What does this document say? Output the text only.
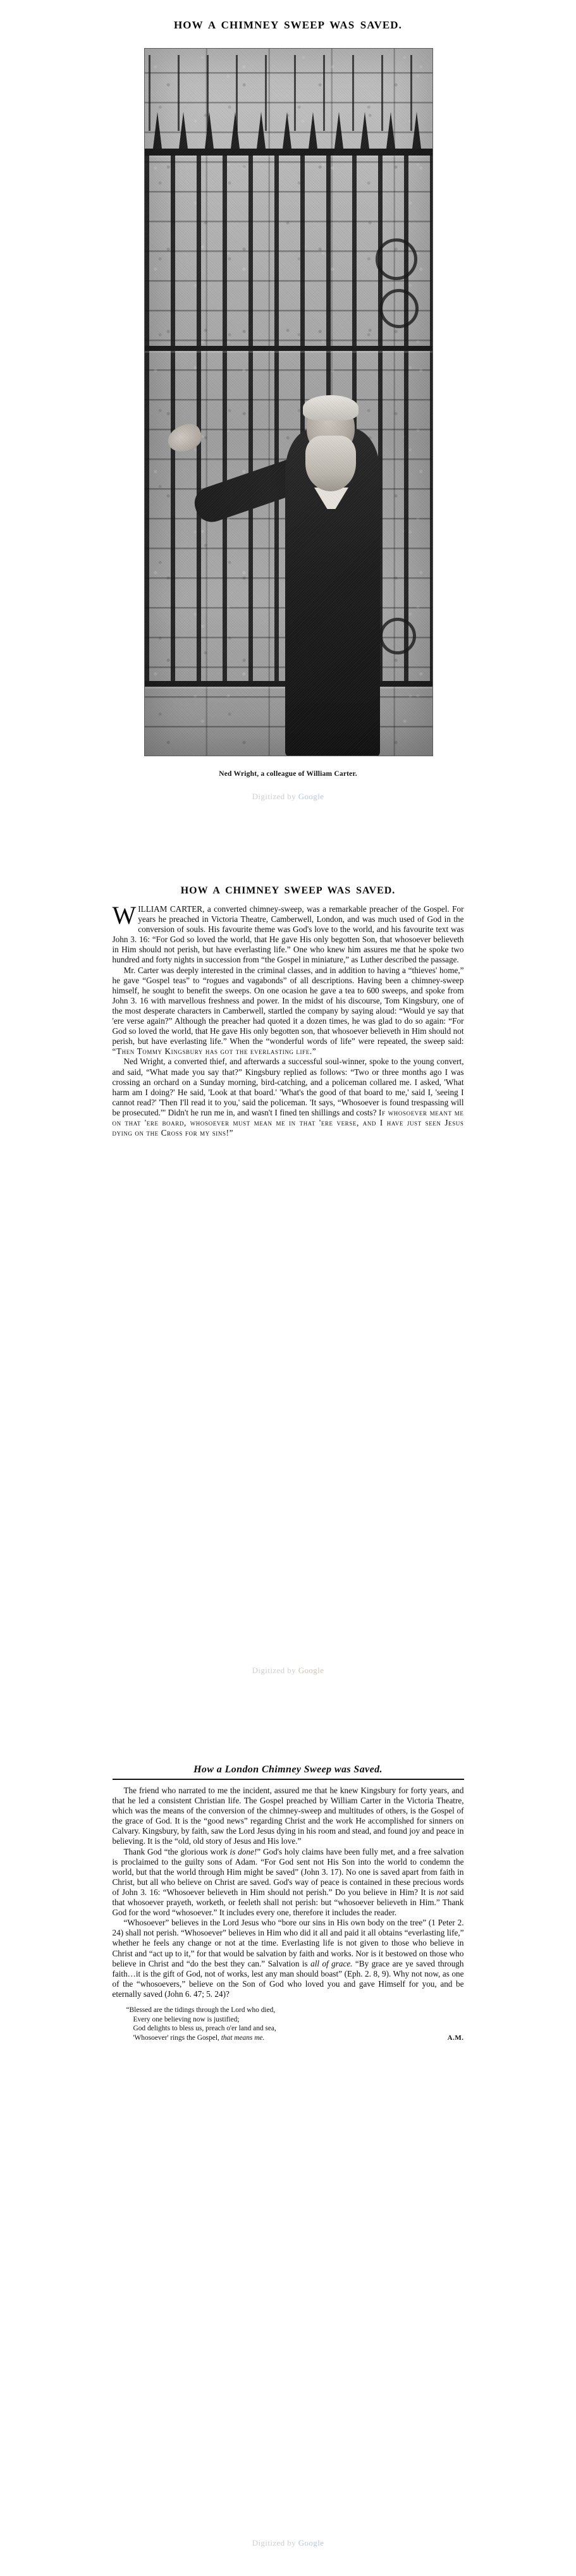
HOW A CHIMNEY SWEEP WAS SAVED.
Ned Wright, a colleague of William Carter.
Digitized by Google
HOW A CHIMNEY SWEEP WAS SAVED.

WILLIAM CARTER, a converted chimney-sweep, was a remarkable preacher of the Gospel. For years he preached in Victoria Theatre, Camberwell, London, and was much used of God in the conversion of souls. His favourite theme was God's love to the world, and his favourite text was John 3. 16: “For God so loved the world, that He gave His only begotten Son, that whosoever believeth in Him should not perish, but have everlasting life.” One who knew him assures me that he spoke two hundred and forty nights in succession from “the Gospel in miniature,” as Luther described the passage.

Mr. Carter was deeply interested in the criminal classes, and in addition to having a “thieves' home,” he gave “Gospel teas” to “rogues and vagabonds” of all descriptions. Having been a chimney-sweep himself, he sought to benefit the sweeps. On one ocasion he gave a tea to 600 sweeps, and spoke from John 3. 16 with marvellous freshness and power. In the midst of his discourse, Tom Kingsbury, one of the most desperate characters in Camberwell, startled the company by saying aloud: “Would ye say that 'ere verse again?” Although the preacher had quoted it a dozen times, he was glad to do so again: “For God so loved the world, that He gave His only begotten son, that whosoever believeth in Him should not perish, but have everlasting life.” When the “wonderful words of life” were repeated, the sweep said: “Then Tommy Kingsbury has got the everlasting life.”

Ned Wright, a converted thief, and afterwards a successful soul-winner, spoke to the young convert, and said, “What made you say that?” Kingsbury replied as follows: “Two or three months ago I was crossing an orchard on a Sunday morning, bird-catching, and a policeman collared me. I asked, 'What harm am I doing?' He said, 'Look at that board.' 'What's the good of that board to me,' said I, 'seeing I cannot read?' 'Then I'll read it to you,' said the policeman. 'It says, “Whosoever is found trespassing will be prosecuted.”' Didn't he run me in, and wasn't I fined ten shillings and costs? If whosoever meant me on that 'ere board, whosoever must mean me in that 'ere verse, and I have just seen Jesus dying on the Cross for my sins!”

Digitized by Google
How a London Chimney Sweep was Saved.

The friend who narrated to me the incident, assured me that he knew Kingsbury for forty years, and that he led a consistent Christian life. The Gospel preached by William Carter in the Victoria Theatre, which was the means of the conversion of the chimney-sweep and multitudes of others, is the Gospel of the grace of God. It is the “good news” regarding Christ and the work He accomplished for sinners on Calvary. Kingsbury, by faith, saw the Lord Jesus dying in his room and stead, and found joy and peace in believing. It is the “old, old story of Jesus and His love.”

Thank God “the glorious work is done!” God's holy claims have been fully met, and a free salvation is proclaimed to the guilty sons of Adam. “For God sent not His Son into the world to condemn the world, but that the world through Him might be saved” (John 3. 17). No one is saved apart from faith in Christ, but all who believe on Christ are saved. God's way of peace is contained in these precious words of John 3. 16: “Whosoever believeth in Him should not perish.” Do you believe in Him? It is not said that whosoever prayeth, worketh, or feeleth shall not perish: but “whosoever believeth in Him.” Thank God for the word “whosoever.” It includes every one, therefore it includes the reader.

“Whosoever” believes in the Lord Jesus who “bore our sins in His own body on the tree” (1 Peter 2. 24) shall not perish. “Whosoever” believes in Him who did it all and paid it all obtains “everlasting life,” whether he feels any change or not at the time. Everlasting life is not given to those who believe in Christ and “act up to it,” for that would be salvation by faith and works. Nor is it bestowed on those who believe in Christ and “do the best they can.” Salvation is all of grace. “By grace are ye saved through faith…it is the gift of God, not of works, lest any man should boast” (Eph. 2. 8, 9). Why not now, as one of the “whosoevers,” believe on the Son of God who loved you and gave Himself for you, and be eternally saved (John 6. 47; 5. 24)?

“Blessed are the tidings through the Lord who died,
Every one believing now is justified;
God delights to bless us, preach o'er land and sea,
A.M.
'Whosoever' rings the Gospel, that means me.
Digitized by Google
